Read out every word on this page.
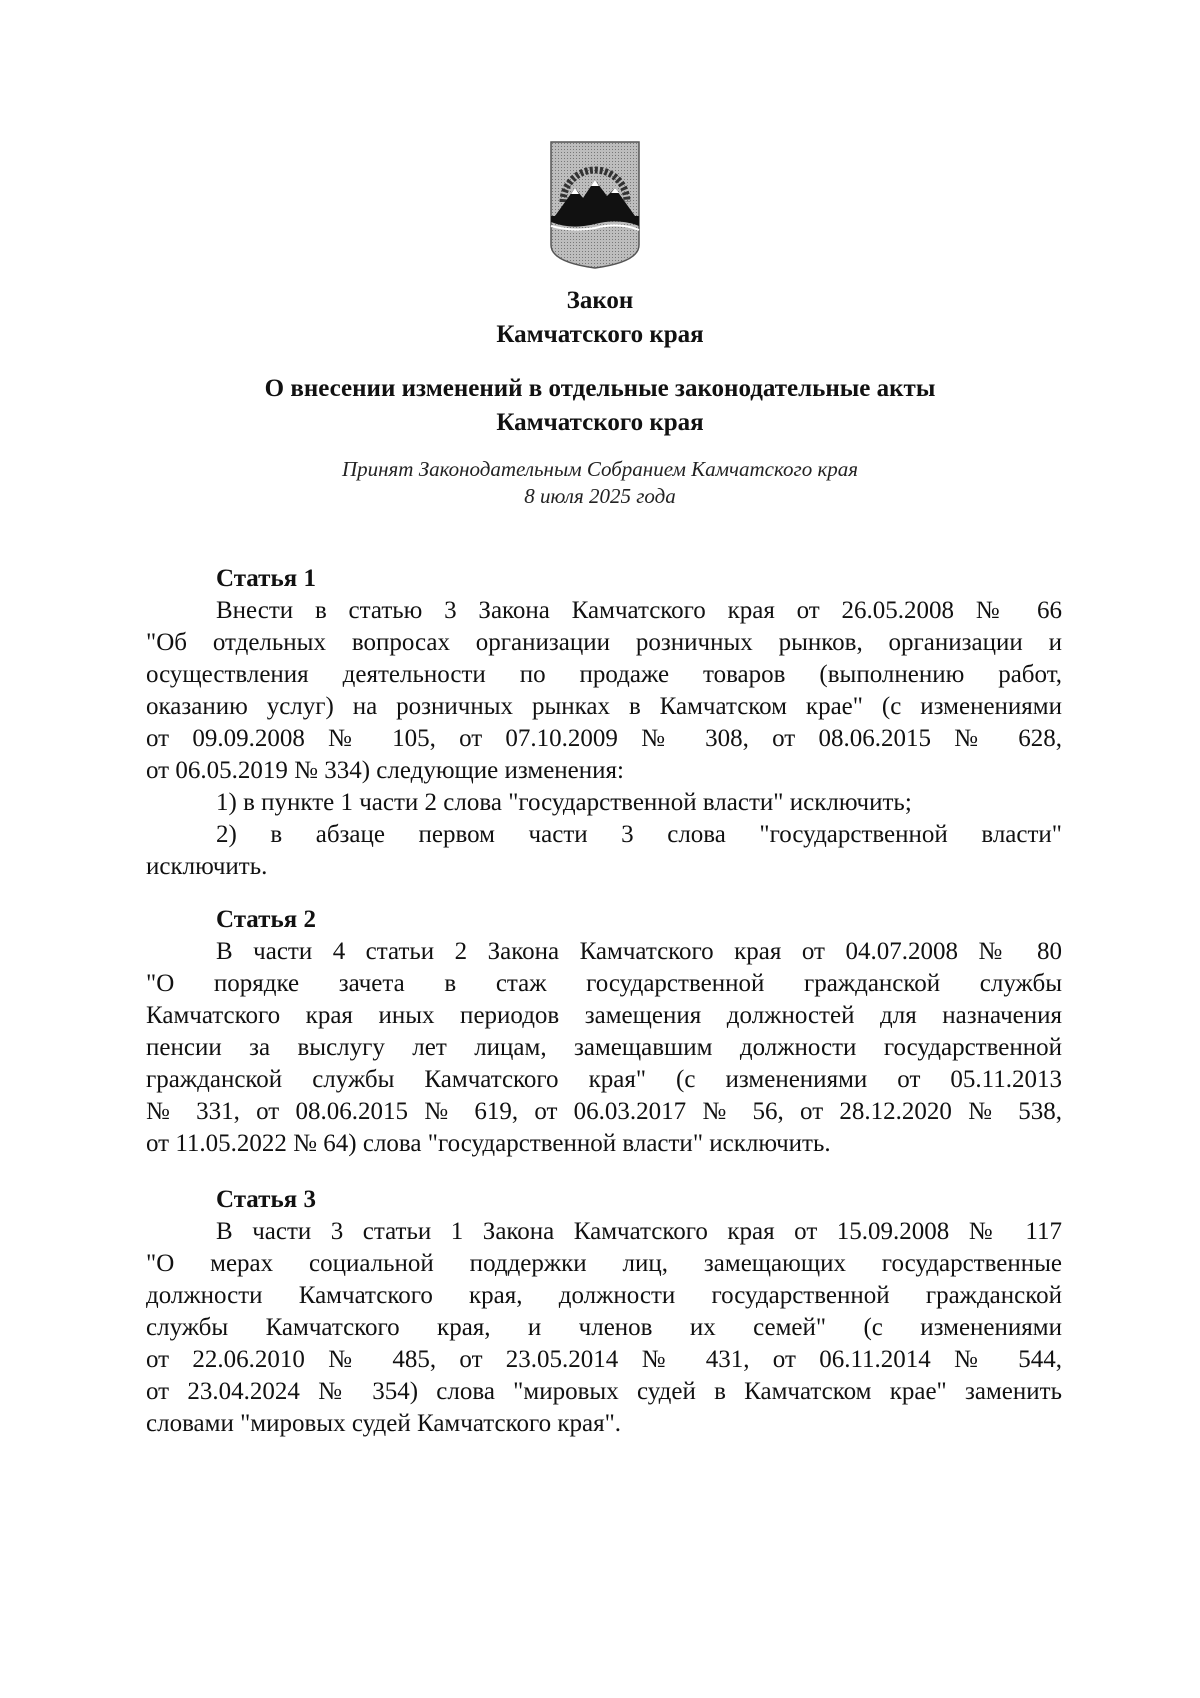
Закон
Камчатского края
О внесении изменений в отдельные законодательные акты
Камчатского края
Принят Законодательным Собранием Камчатского края
8 июля 2025 года
Статья 1
Внести в статью 3 Закона Камчатского края от 26.05.2008 № 66
"Об отдельных вопросах организации розничных рынков, организации и
осуществления деятельности по продаже товаров (выполнению работ,
оказанию услуг) на розничных рынках в Камчатском крае" (с изменениями
от 09.09.2008 № 105, от 07.10.2009 № 308, от 08.06.2015 № 628,
от 06.05.2019 № 334) следующие изменения:
1) в пункте 1 части 2 слова "государственной власти" исключить;
2) в абзаце первом части 3 слова "государственной власти"
исключить.
Статья 2
В части 4 статьи 2 Закона Камчатского края от 04.07.2008 № 80
"О порядке зачета в стаж государственной гражданской службы
Камчатского края иных периодов замещения должностей для назначения
пенсии за выслугу лет лицам, замещавшим должности государственной
гражданской службы Камчатского края" (с изменениями от 05.11.2013
№ 331, от 08.06.2015 № 619, от 06.03.2017 № 56, от 28.12.2020 № 538,
от 11.05.2022 № 64) слова "государственной власти" исключить.
Статья 3
В части 3 статьи 1 Закона Камчатского края от 15.09.2008 № 117
"О мерах социальной поддержки лиц, замещающих государственные
должности Камчатского края, должности государственной гражданской
службы Камчатского края, и членов их семей" (с изменениями
от 22.06.2010 № 485, от 23.05.2014 № 431, от 06.11.2014 № 544,
от 23.04.2024 № 354) слова "мировых судей в Камчатском крае" заменить
словами "мировых судей Камчатского края".
